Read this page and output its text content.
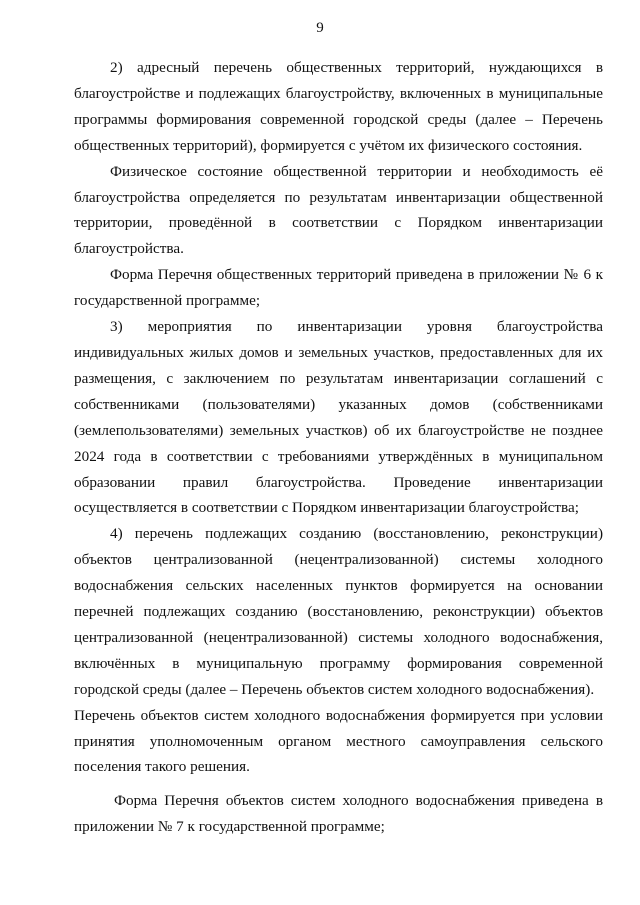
9

2) адресный перечень общественных территорий, нуждающихся в благоустройстве и подлежащих благоустройству, включенных в муниципальные программы формирования современной городской среды (далее – Перечень общественных территорий), формируется с учётом их физического состояния.

Физическое состояние общественной территории и необходимость её благоустройства определяется по результатам инвентаризации общественной территории, проведённой в соответствии с Порядком инвентаризации благоустройства.

Форма Перечня общественных территорий приведена в приложении № 6 к государственной программе;

3) мероприятия по инвентаризации уровня благоустройства индивидуальных жилых домов и земельных участков, предоставленных для их размещения, с заключением по результатам инвентаризации соглашений с собственниками (пользователями) указанных домов (собственниками (землепользователями) земельных участков) об их благоустройстве не позднее 2024 года в соответствии с требованиями утверждённых в муниципальном образовании правил благоустройства. Проведение инвентаризации осуществляется в соответствии с Порядком инвентаризации благоустройства;

4) перечень подлежащих созданию (восстановлению, реконструкции) объектов централизованной (нецентрализованной) системы холодного водоснабжения сельских населенных пунктов формируется на основании перечней подлежащих созданию (восстановлению, реконструкции) объектов централизованной (нецентрализованной) системы холодного водоснабжения, включённых в муниципальную программу формирования современной городской среды (далее – Перечень объектов систем холодного водоснабжения).

Перечень объектов систем холодного водоснабжения формируется при условии принятия уполномоченным органом местного самоуправления сельского поселения такого решения.

Форма Перечня объектов систем холодного водоснабжения приведена в приложении № 7 к государственной программе;
